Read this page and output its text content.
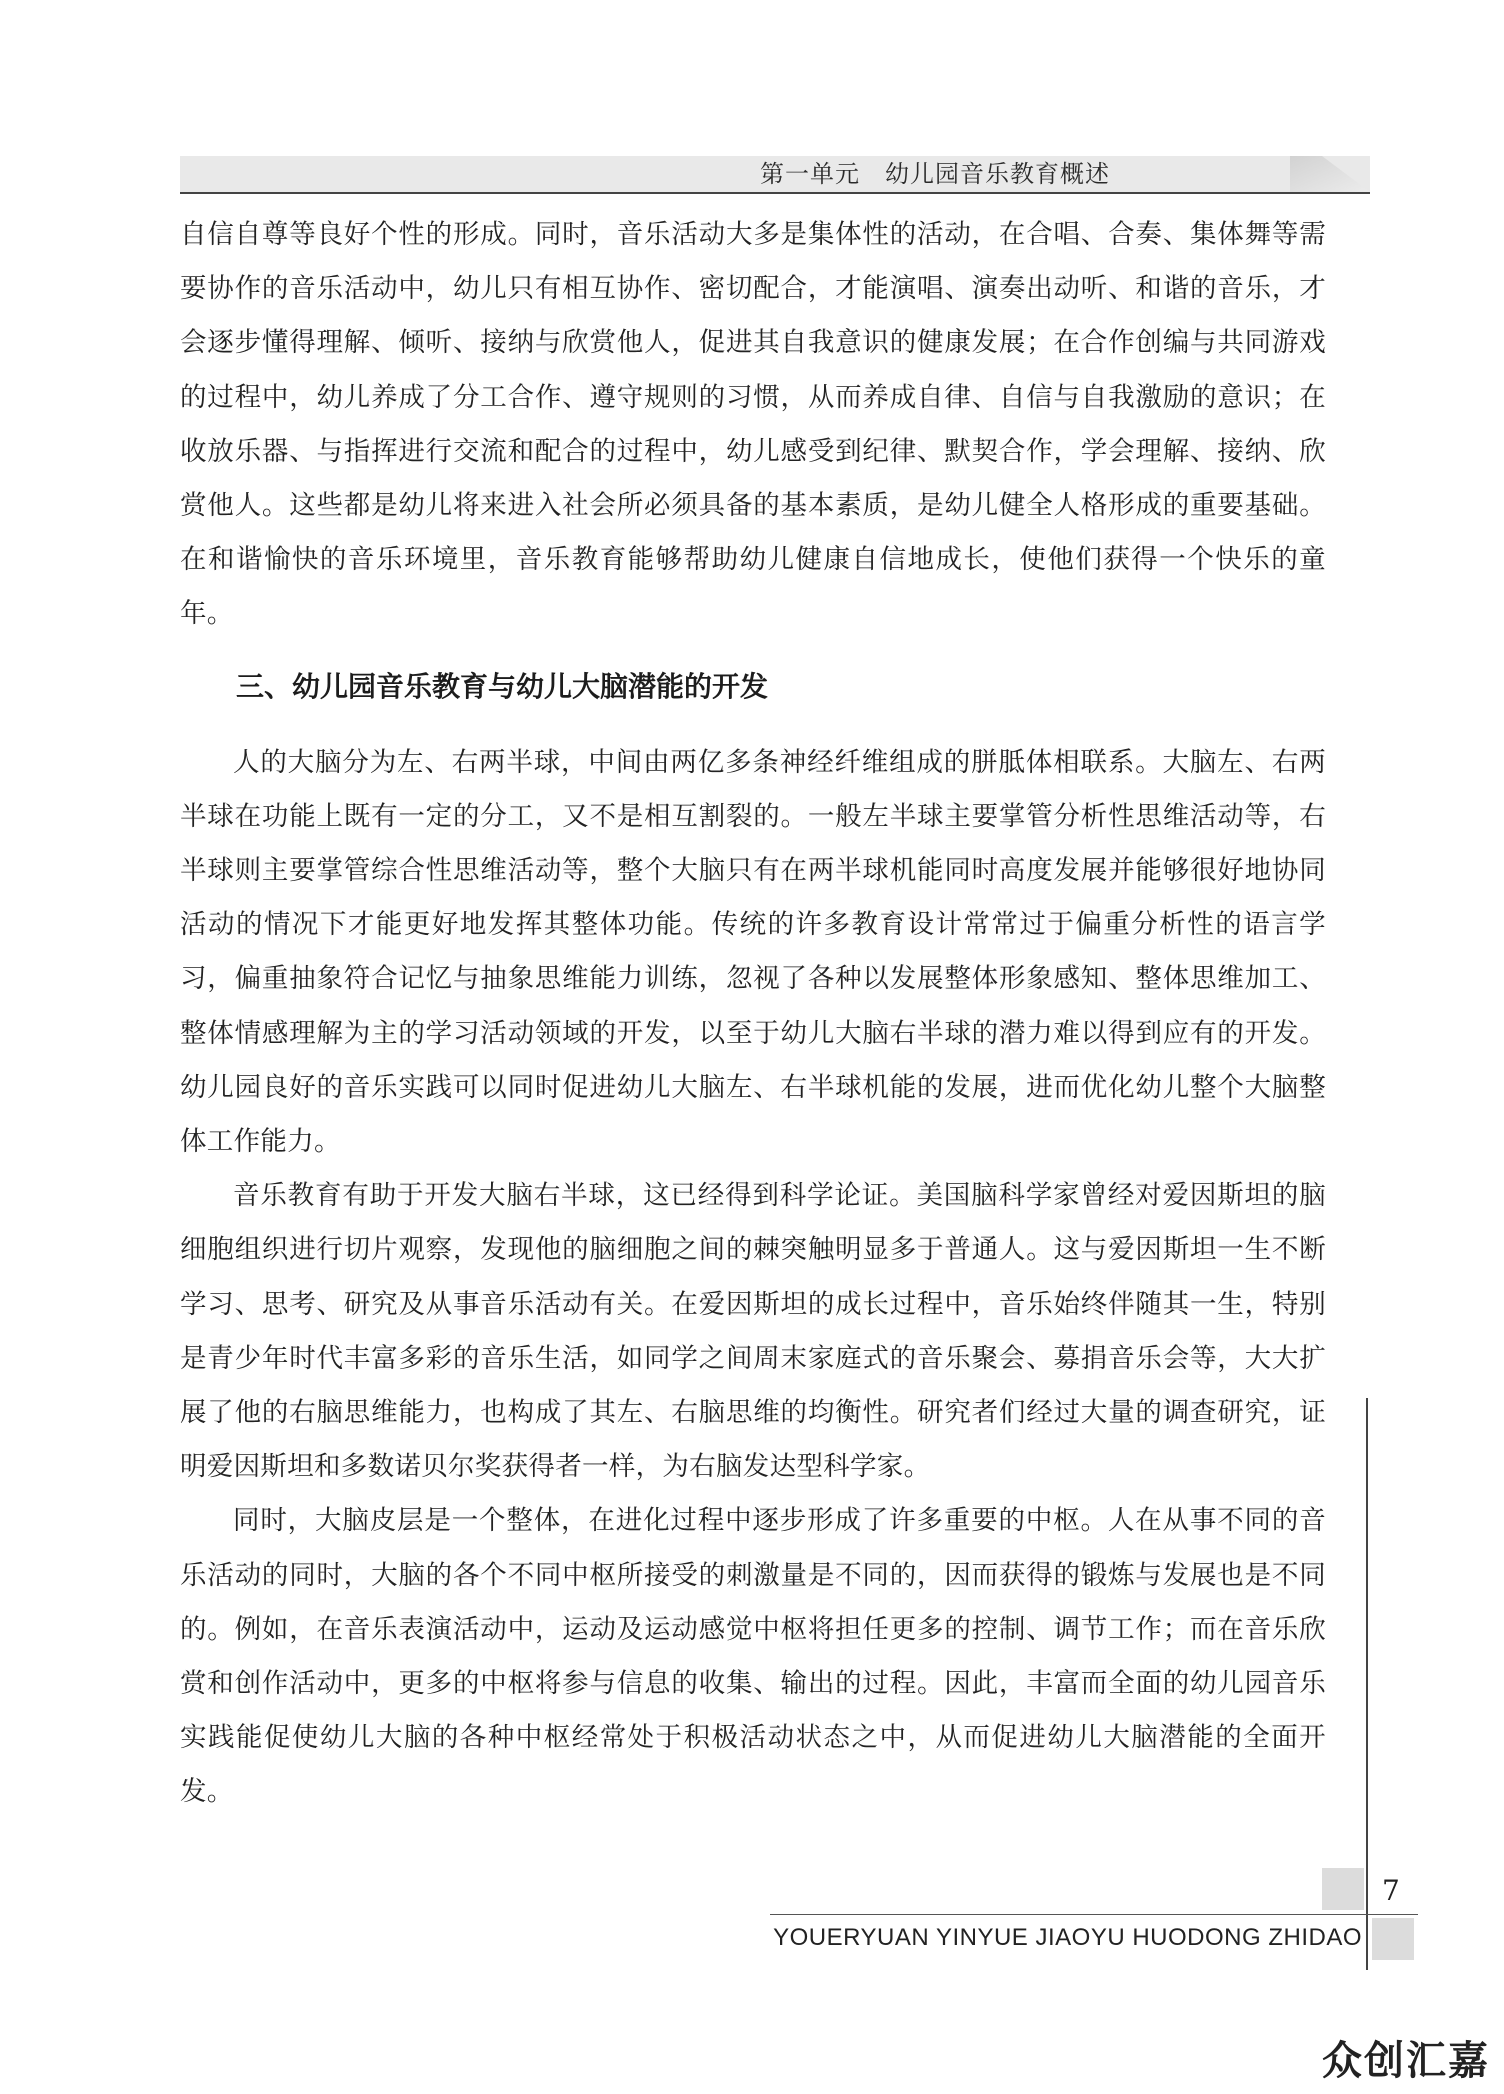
第一单元　幼儿园音乐教育概述

自信自尊等良好个性的形成。同时，音乐活动大多是集体性的活动，在合唱、合奏、集体舞等需要协作的音乐活动中，幼儿只有相互协作、密切配合，才能演唱、演奏出动听、和谐的音乐，才会逐步懂得理解、倾听、接纳与欣赏他人，促进其自我意识的健康发展；在合作创编与共同游戏的过程中，幼儿养成了分工合作、遵守规则的习惯，从而养成自律、自信与自我激励的意识；在收放乐器、与指挥进行交流和配合的过程中，幼儿感受到纪律、默契合作，学会理解、接纳、欣赏他人。这些都是幼儿将来进入社会所必须具备的基本素质，是幼儿健全人格形成的重要基础。在和谐愉快的音乐环境里，音乐教育能够帮助幼儿健康自信地成长，使他们获得一个快乐的童年。

三、幼儿园音乐教育与幼儿大脑潜能的开发

人的大脑分为左、右两半球，中间由两亿多条神经纤维组成的胼胝体相联系。大脑左、右两半球在功能上既有一定的分工，又不是相互割裂的。一般左半球主要掌管分析性思维活动等，右半球则主要掌管综合性思维活动等，整个大脑只有在两半球机能同时高度发展并能够很好地协同活动的情况下才能更好地发挥其整体功能。传统的许多教育设计常常过于偏重分析性的语言学习，偏重抽象符合记忆与抽象思维能力训练，忽视了各种以发展整体形象感知、整体思维加工、整体情感理解为主的学习活动领域的开发，以至于幼儿大脑右半球的潜力难以得到应有的开发。幼儿园良好的音乐实践可以同时促进幼儿大脑左、右半球机能的发展，进而优化幼儿整个大脑整体工作能力。

音乐教育有助于开发大脑右半球，这已经得到科学论证。美国脑科学家曾经对爱因斯坦的脑细胞组织进行切片观察，发现他的脑细胞之间的棘突触明显多于普通人。这与爱因斯坦一生不断学习、思考、研究及从事音乐活动有关。在爱因斯坦的成长过程中，音乐始终伴随其一生，特别是青少年时代丰富多彩的音乐生活，如同学之间周末家庭式的音乐聚会、募捐音乐会等，大大扩展了他的右脑思维能力，也构成了其左、右脑思维的均衡性。研究者们经过大量的调查研究，证明爱因斯坦和多数诺贝尔奖获得者一样，为右脑发达型科学家。

同时，大脑皮层是一个整体，在进化过程中逐步形成了许多重要的中枢。人在从事不同的音乐活动的同时，大脑的各个不同中枢所接受的刺激量是不同的，因而获得的锻炼与发展也是不同的。例如，在音乐表演活动中，运动及运动感觉中枢将担任更多的控制、调节工作；而在音乐欣赏和创作活动中，更多的中枢将参与信息的收集、输出的过程。因此，丰富而全面的幼儿园音乐实践能促使幼儿大脑的各种中枢经常处于积极活动状态之中，从而促进幼儿大脑潜能的全面开发。

7
YOUERYUAN YINYUE JIAOYU HUODONG ZHIDAO
众创汇嘉
